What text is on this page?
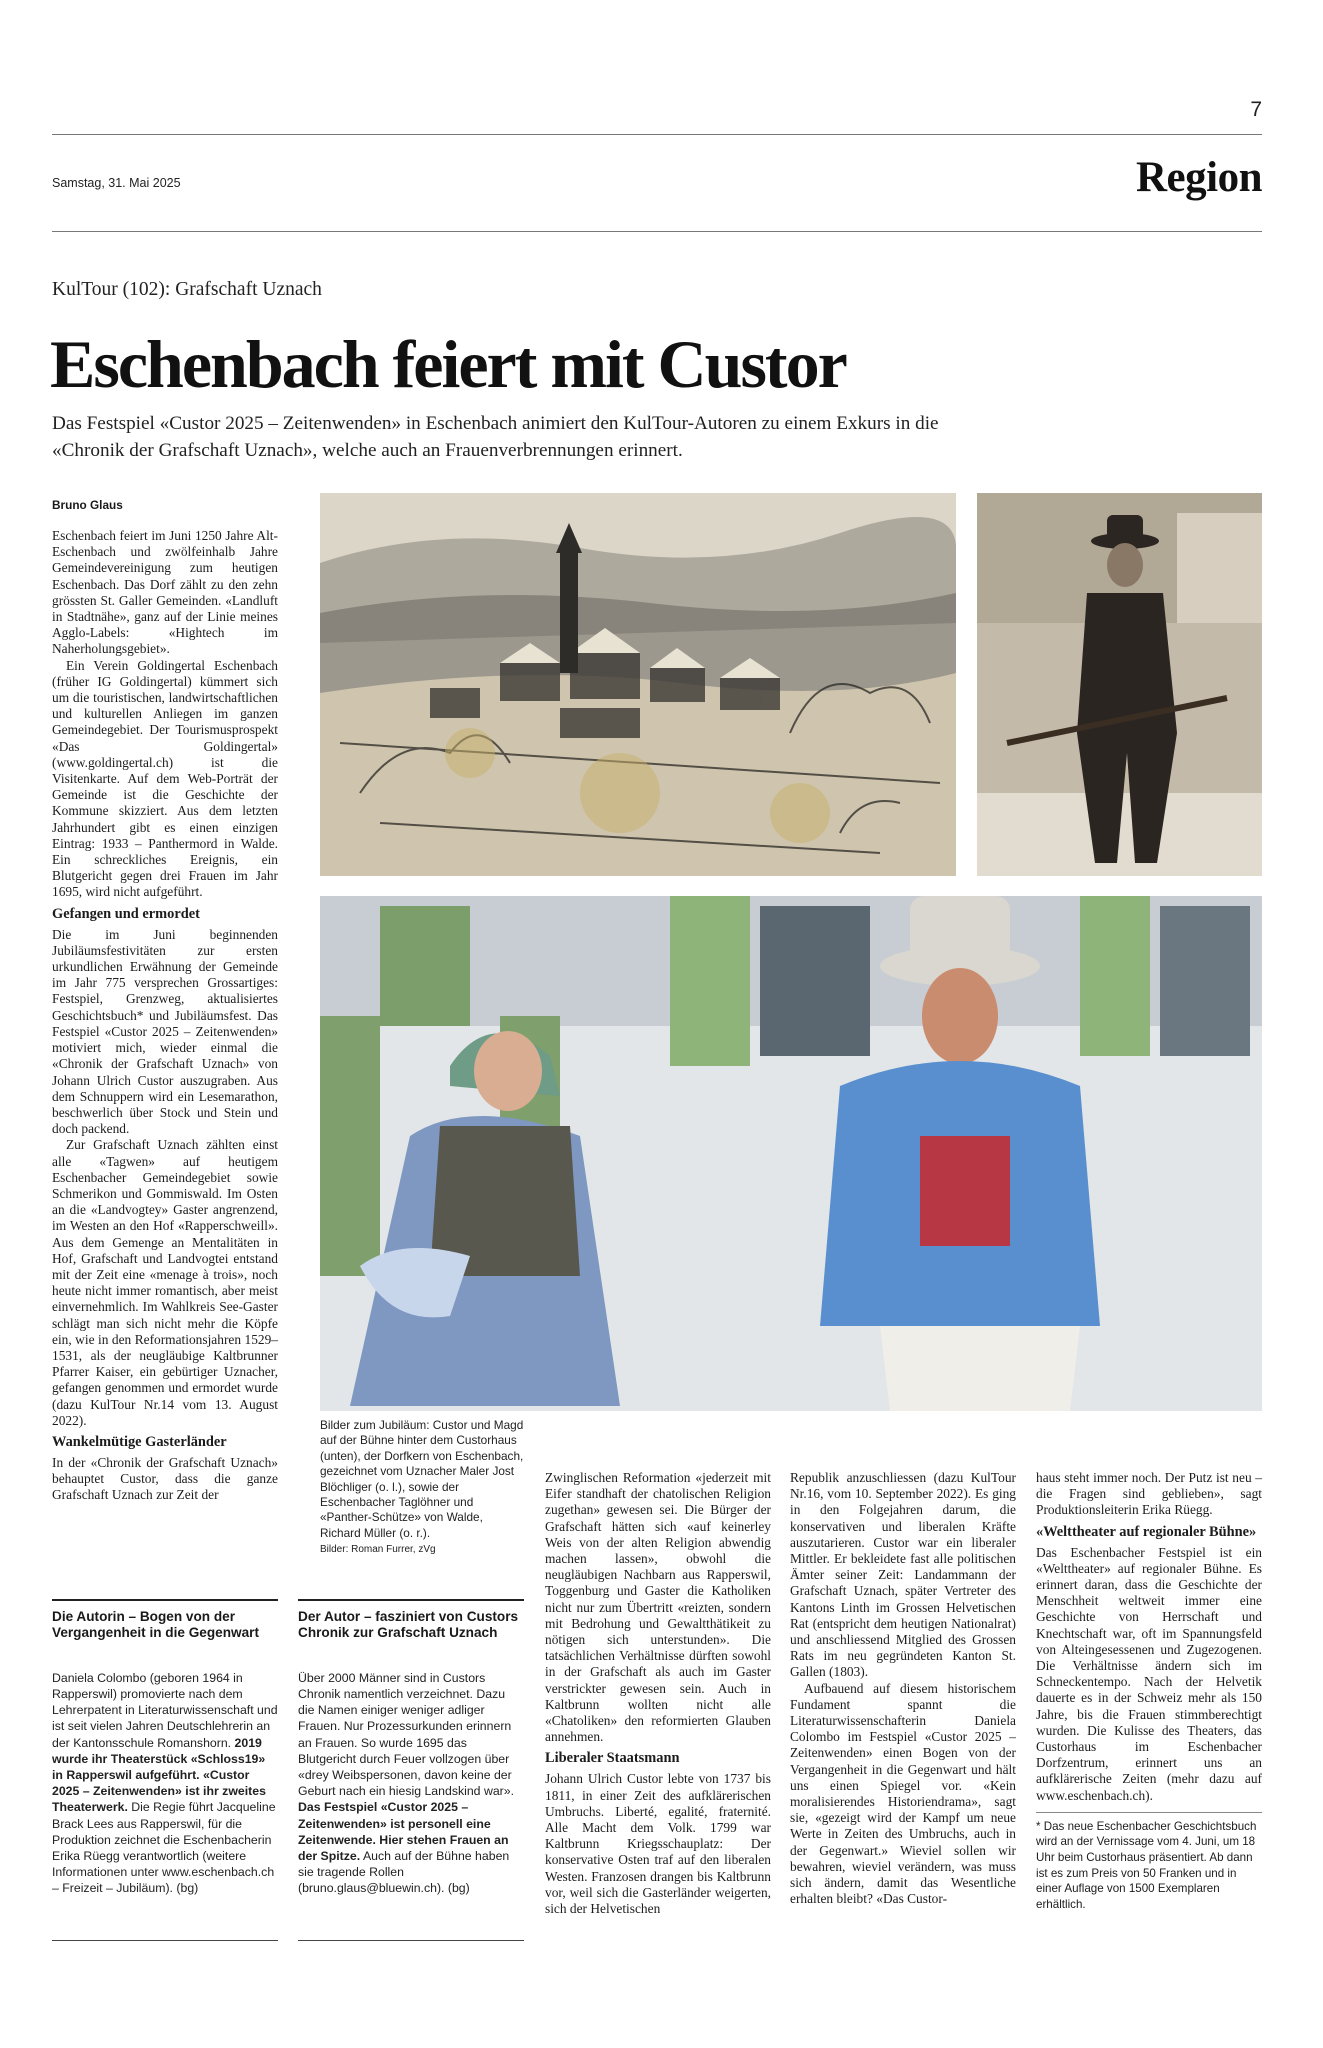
7
Samstag, 31. Mai 2025	Region
KulTour (102): Grafschaft Uznach
Eschenbach feiert mit Custor
Das Festspiel «Custor 2025 – Zeitenwenden» in Eschenbach animiert den KulTour-Autoren zu einem Exkurs in die «Chronik der Grafschaft Uznach», welche auch an Frauenverbrennungen erinnert.
Bruno Glaus

Eschenbach feiert im Juni 1250 Jahre Alt-Eschenbach und zwölfeinhalb Jahre Gemeindevereinigung zum heutigen Eschenbach. Das Dorf zählt zu den zehn grössten St. Galler Gemeinden. «Landluft in Stadtnähe», ganz auf der Linie meines Agglo-Labels: «Hightech im Naherholungsgebiet».

Ein Verein Goldingertal Eschenbach (früher IG Goldingertal) kümmert sich um die touristischen, landwirtschaftlichen und kulturellen Anliegen im ganzen Gemeindegebiet. Der Tourismusprospekt «Das Goldingertal» (www.goldingertal.ch) ist die Visitenkarte. Auf dem Web-Porträt der Gemeinde ist die Geschichte der Kommune skizziert. Aus dem letzten Jahrhundert gibt es einen einzigen Eintrag: 1933 – Panthermord in Walde. Ein schreckliches Ereignis, ein Blutgericht gegen drei Frauen im Jahr 1695, wird nicht aufgeführt.

Gefangen und ermordet

Die im Juni beginnenden Jubiläumsfestivitäten zur ersten urkundlichen Erwähnung der Gemeinde im Jahr 775 versprechen Grossartiges: Festspiel, Grenzweg, aktualisiertes Geschichtsbuch* und Jubiläumsfest. Das Festspiel «Custor 2025 – Zeitenwenden» motiviert mich, wieder einmal die «Chronik der Grafschaft Uznach» von Johann Ulrich Custor auszugraben. Aus dem Schnuppern wird ein Lesemarathon, beschwerlich über Stock und Stein und doch packend.

Zur Grafschaft Uznach zählten einst alle «Tagwen» auf heutigem Eschenbacher Gemeindegebiet sowie Schmerikon und Gommiswald. Im Osten an die «Landvogtey» Gaster angrenzend, im Westen an den Hof «Rapperschweill». Aus dem Gemenge an Mentalitäten in Hof, Grafschaft und Landvogtei entstand mit der Zeit eine «menage à trois», noch heute nicht immer romantisch, aber meist einvernehmlich. Im Wahlkreis See-Gaster schlägt man sich nicht mehr die Köpfe ein, wie in den Reformationsjahren 1529–1531, als der neugläubige Kaltbrunner Pfarrer Kaiser, ein gebürtiger Uznacher, gefangen genommen und ermordet wurde (dazu KulTour Nr.14 vom 13. August 2022).

Wankelmütige Gasterländer

In der «Chronik der Grafschaft Uznach» behauptet Custor, dass die ganze Grafschaft Uznach zur Zeit der

Bilder zum Jubiläum: Custor und Magd auf der Bühne hinter dem Custorhaus (unten), der Dorfkern von Eschenbach, gezeichnet vom Uznacher Maler Jost Blöchliger (o. l.), sowie der Eschenbacher Taglöhner und «Panther-Schütze» von Walde, Richard Müller (o. r.).
Bilder: Roman Furrer, zVg

Zwinglischen Reformation «jederzeit mit Eifer standhaft der chatolischen Religion zugethan» gewesen sei. Die Bürger der Grafschaft hätten sich «auf keinerley Weis von der alten Religion abwendig machen lassen», obwohl die neugläubigen Nachbarn aus Rapperswil, Toggenburg und Gaster die Katholiken nicht nur zum Übertritt «reizten, sondern mit Bedrohung und Gewaltthätikeit zu nötigen sich unterstunden». Die tatsächlichen Verhältnisse dürften sowohl in der Grafschaft als auch im Gaster verstrickter gewesen sein. Auch in Kaltbrunn wollten nicht alle «Chatoliken» den reformierten Glauben annehmen.

Liberaler Staatsmann

Johann Ulrich Custor lebte von 1737 bis 1811, in einer Zeit des aufklärerischen Umbruchs. Liberté, egalité, fraternité. Alle Macht dem Volk. 1799 war Kaltbrunn Kriegsschauplatz: Der konservative Osten traf auf den liberalen Westen. Franzosen drangen bis Kaltbrunn vor, weil sich die Gasterländer weigerten, sich der Helvetischen

Republik anzuschliessen (dazu KulTour Nr.16, vom 10. September 2022). Es ging in den Folgejahren darum, die konservativen und liberalen Kräfte auszutarieren. Custor war ein liberaler Mittler. Er bekleidete fast alle politischen Ämter seiner Zeit: Landammann der Grafschaft Uznach, später Vertreter des Kantons Linth im Grossen Helvetischen Rat (entspricht dem heutigen Nationalrat) und anschliessend Mitglied des Grossen Rats im neu gegründeten Kanton St. Gallen (1803).

Aufbauend auf diesem historischem Fundament spannt die Literaturwissenschafterin Daniela Colombo im Festspiel «Custor 2025 – Zeitenwenden» einen Bogen von der Vergangenheit in die Gegenwart und hält uns einen Spiegel vor. «Kein moralisierendes Historiendrama», sagt sie, «gezeigt wird der Kampf um neue Werte in Zeiten des Umbruchs, auch in der Gegenwart.» Wieviel sollen wir bewahren, wieviel verändern, was muss sich ändern, damit das Wesentliche erhalten bleibt? «Das Custor-

haus steht immer noch. Der Putz ist neu – die Fragen sind geblieben», sagt Produktionsleiterin Erika Rüegg.

«Welttheater auf regionaler Bühne»

Das Eschenbacher Festspiel ist ein «Welttheater» auf regionaler Bühne. Es erinnert daran, dass die Geschichte der Menschheit weltweit immer eine Geschichte von Herrschaft und Knechtschaft war, oft im Spannungsfeld von Alteingesessenen und Zugezogenen. Die Verhältnisse ändern sich im Schneckentempo. Nach der Helvetik dauerte es in der Schweiz mehr als 150 Jahre, bis die Frauen stimmberechtigt wurden. Die Kulisse des Theaters, das Custorhaus im Eschenbacher Dorfzentrum, erinnert uns an aufklärerische Zeiten (mehr dazu auf www.eschenbach.ch).

* Das neue Eschenbacher Geschichtsbuch wird an der Vernissage vom 4. Juni, um 18 Uhr beim Custorhaus präsentiert. Ab dann ist es zum Preis von 50 Franken und in einer Auflage von 1500 Exemplaren erhältlich.
Die Autorin – Bogen von der Vergangenheit in die Gegenwart
Daniela Colombo (geboren 1964 in Rapperswil) promovierte nach dem Lehrerpatent in Literaturwissenschaft und ist seit vielen Jahren Deutschlehrerin an der Kantonsschule Romanshorn. 2019 wurde ihr Theaterstück «Schloss19» in Rapperswil aufgeführt. «Custor 2025 – Zeitenwenden» ist ihr zweites Theaterwerk. Die Regie führt Jacqueline Brack Lees aus Rapperswil, für die Produktion zeichnet die Eschenbacherin Erika Rüegg verantwortlich (weitere Informationen unter www.eschenbach.ch – Freizeit – Jubiläum). (bg)
Der Autor – fasziniert von Custors Chronik zur Grafschaft Uznach
Über 2000 Männer sind in Custors Chronik namentlich verzeichnet. Dazu die Namen einiger weniger adliger Frauen. Nur Prozessurkunden erinnern an Frauen. So wurde 1695 das Blutgericht durch Feuer vollzogen über «drey Weibspersonen, davon keine der Geburt nach ein hiesig Landskind war». Das Festspiel «Custor 2025 – Zeitenwenden» ist personell eine Zeitenwende. Hier stehen Frauen an der Spitze. Auch auf der Bühne haben sie tragende Rollen (bruno.glaus@bluewin.ch). (bg)
